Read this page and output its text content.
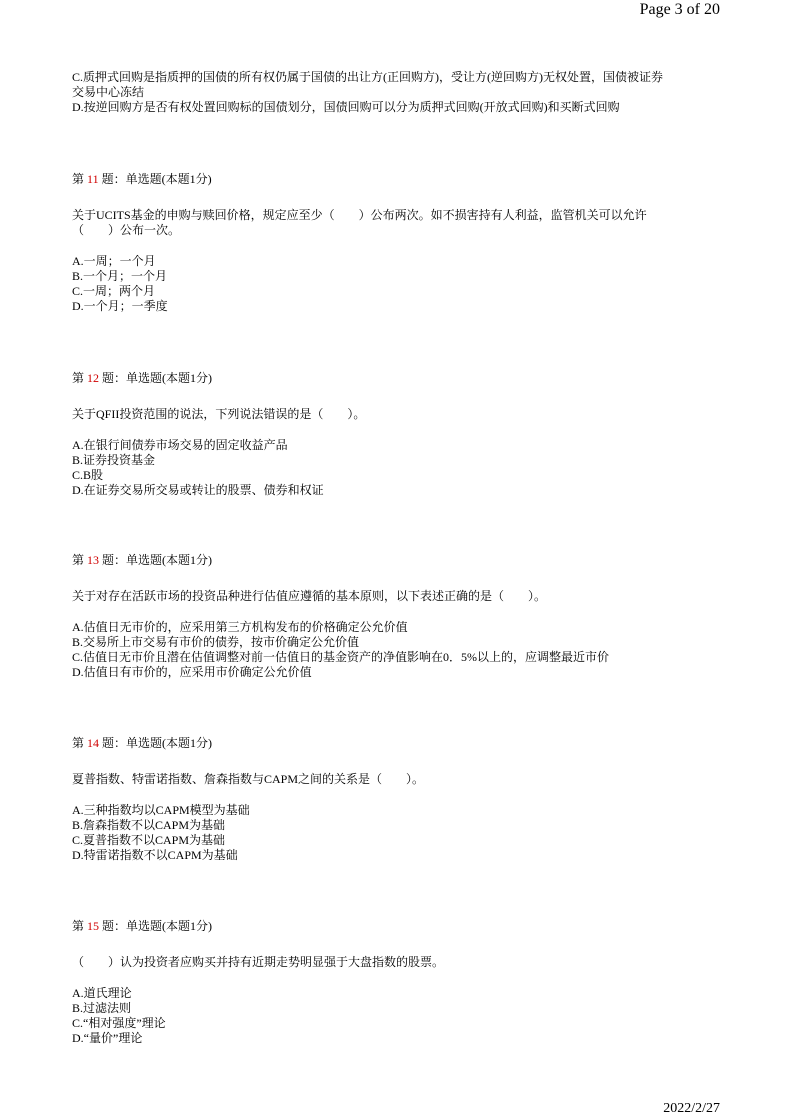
Page 3 of 20

C.质押式回购是指质押的国债的所有权仍属于国债的出让方(正回购方)，受让方(逆回购方)无权处置，国债被证券

交易中心冻结

D.按逆回购方是否有权处置回购标的国债划分，国债回购可以分为质押式回购(开放式回购)和买断式回购

第 11 题：单选题(本题1分)

关于UCITS基金的申购与赎回价格，规定应至少（　　）公布两次。如不损害持有人利益，监管机关可以允许

（　　）公布一次。

A.一周；一个月

B.一个月；一个月

C.一周；两个月

D.一个月；一季度

第 12 题：单选题(本题1分)

关于QFII投资范围的说法，下列说法错误的是（　　）。

A.在银行间债券市场交易的固定收益产品

B.证券投资基金

C.B股

D.在证券交易所交易或转让的股票、债券和权证

第 13 题：单选题(本题1分)

关于对存在活跃市场的投资品种进行估值应遵循的基本原则，以下表述正确的是（　　）。

A.估值日无市价的，应采用第三方机构发布的价格确定公允价值

B.交易所上市交易有市价的债券，按市价确定公允价值

C.估值日无市价且潜在估值调整对前一估值日的基金资产的净值影响在0．5%以上的，应调整最近市价

D.估值日有市价的，应采用市价确定公允价值

第 14 题：单选题(本题1分)

夏普指数、特雷诺指数、詹森指数与CAPM之间的关系是（　　）。

A.三种指数均以CAPM模型为基础

B.詹森指数不以CAPM为基础

C.夏普指数不以CAPM为基础

D.特雷诺指数不以CAPM为基础

第 15 题：单选题(本题1分)

（　　）认为投资者应购买并持有近期走势明显强于大盘指数的股票。

A.道氏理论

B.过滤法则

C.“相对强度”理论

D.“量价”理论

2022/2/27
